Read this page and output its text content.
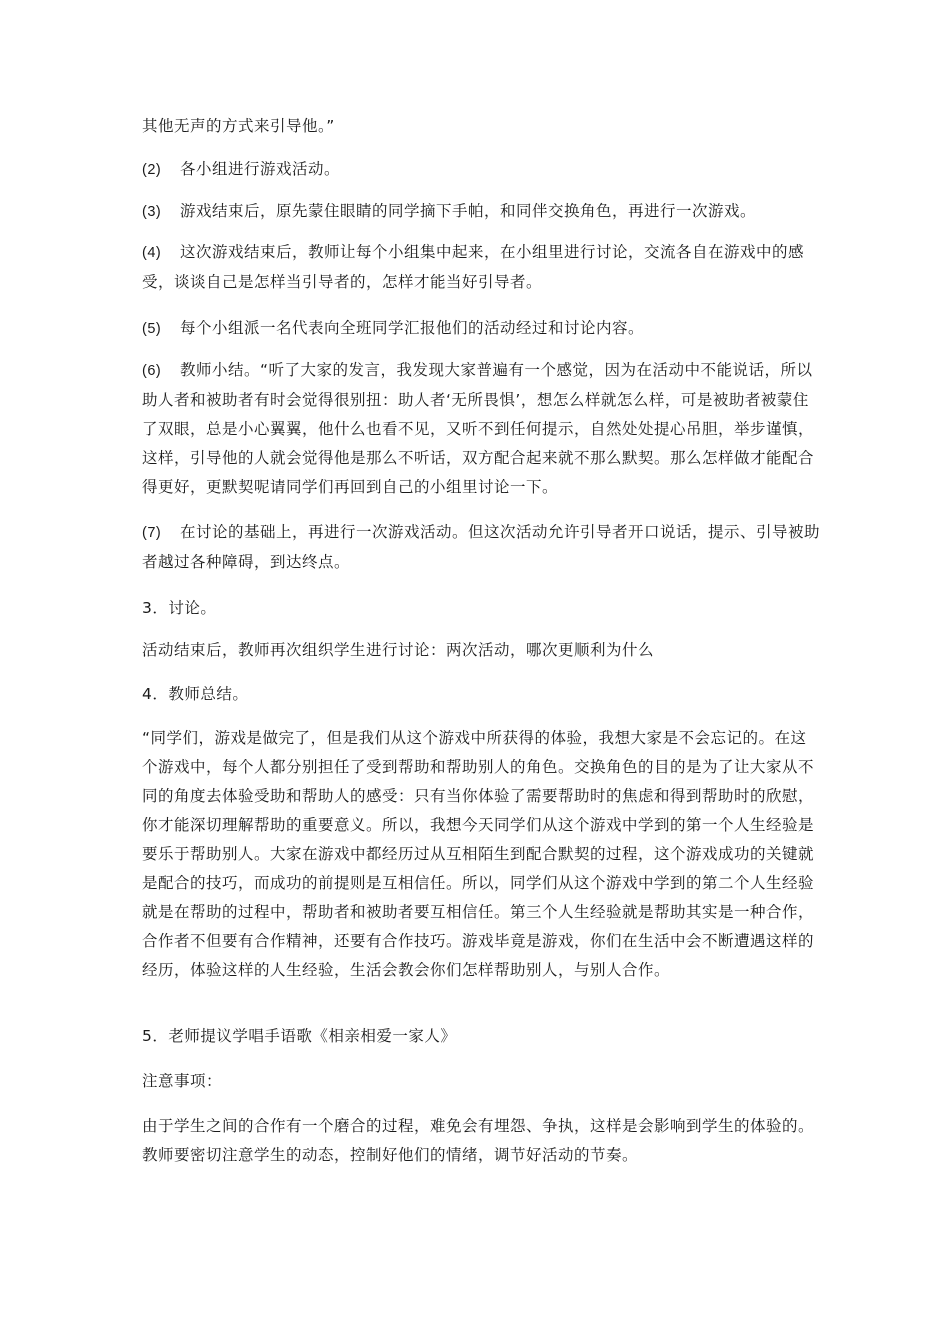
其他无声的方式来引导他。”

(2) 各小组进行游戏活动。

(3) 游戏结束后，原先蒙住眼睛的同学摘下手帕，和同伴交换角色，再进行一次游戏。

(4) 这次游戏结束后，教师让每个小组集中起来，在小组里进行讨论，交流各自在游戏中的感受，谈谈自己是怎样当引导者的，怎样才能当好引导者。

(5) 每个小组派一名代表向全班同学汇报他们的活动经过和讨论内容。

(6) 教师小结。“听了大家的发言，我发现大家普遍有一个感觉，因为在活动中不能说话，所以助人者和被助者有时会觉得很别扭：助人者‘无所畏惧’，想怎么样就怎么样，可是被助者被蒙住了双眼，总是小心翼翼，他什么也看不见，又听不到任何提示，自然处处提心吊胆，举步谨慎，这样，引导他的人就会觉得他是那么不听话，双方配合起来就不那么默契。那么怎样做才能配合得更好，更默契呢请同学们再回到自己的小组里讨论一下。

(7) 在讨论的基础上，再进行一次游戏活动。但这次活动允许引导者开口说话，提示、引导被助者越过各种障碍，到达终点。

3．讨论。

活动结束后，教师再次组织学生进行讨论：两次活动，哪次更顺利为什么

4．教师总结。

“同学们，游戏是做完了，但是我们从这个游戏中所获得的体验，我想大家是不会忘记的。在这个游戏中，每个人都分别担任了受到帮助和帮助别人的角色。交换角色的目的是为了让大家从不同的角度去体验受助和帮助人的感受：只有当你体验了需要帮助时的焦虑和得到帮助时的欣慰，你才能深切理解帮助的重要意义。所以，我想今天同学们从这个游戏中学到的第一个人生经验是要乐于帮助别人。大家在游戏中都经历过从互相陌生到配合默契的过程，这个游戏成功的关键就是配合的技巧，而成功的前提则是互相信任。所以，同学们从这个游戏中学到的第二个人生经验就是在帮助的过程中，帮助者和被助者要互相信任。第三个人生经验就是帮助其实是一种合作，合作者不但要有合作精神，还要有合作技巧。游戏毕竟是游戏，你们在生活中会不断遭遇这样的经历，体验这样的人生经验，生活会教会你们怎样帮助别人，与别人合作。

5．老师提议学唱手语歌《相亲相爱一家人》

注意事项：

由于学生之间的合作有一个磨合的过程，难免会有埋怨、争执，这样是会影响到学生的体验的。教师要密切注意学生的动态，控制好他们的情绪，调节好活动的节奏。
